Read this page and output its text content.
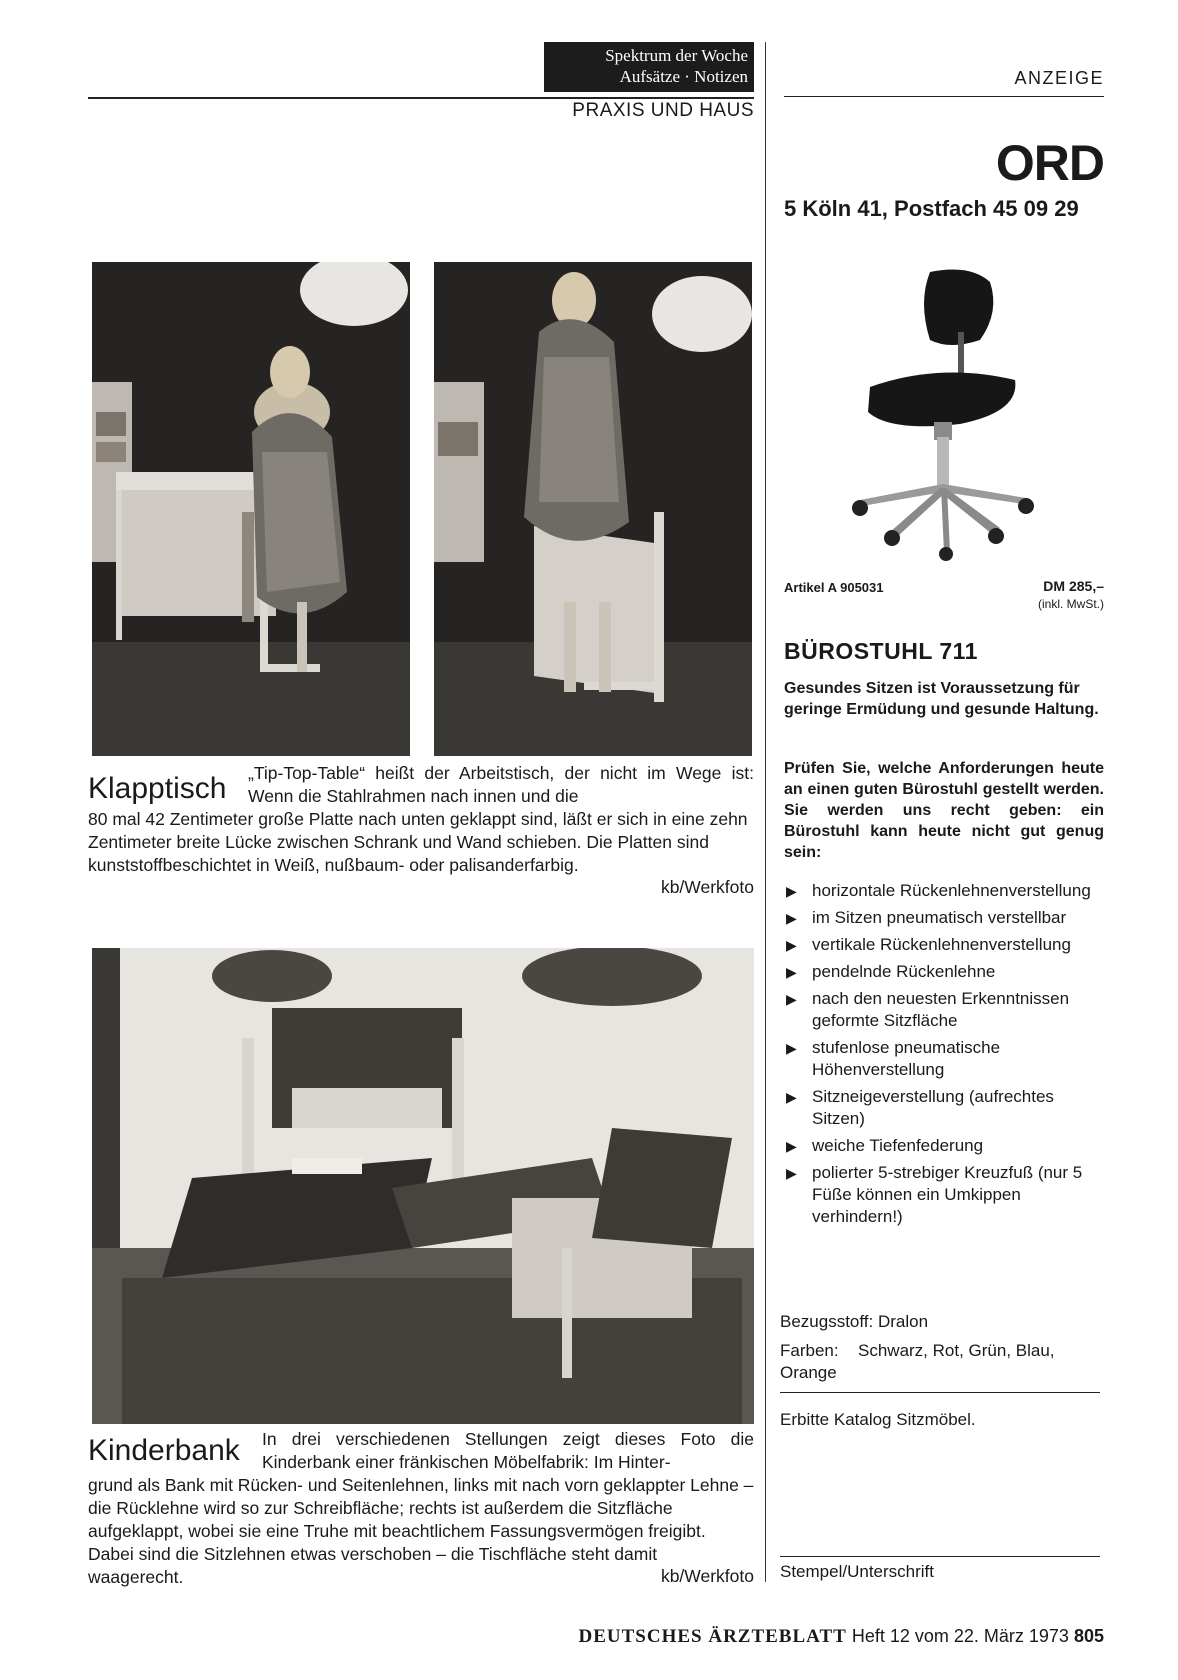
Spektrum der Woche
Aufsätze · Notizen
PRAXIS UND HAUS
ANZEIGE
ORD
5 Köln 41, Postfach 45 09 29
Klapptisch „Tip-Top-Table“ heißt der Arbeitstisch, der nicht im Wege ist: Wenn die Stahlrahmen nach innen und die
80 mal 42 Zentimeter große Platte nach unten geklappt sind, läßt er sich in eine zehn Zentimeter breite Lücke zwischen Schrank und Wand schieben. Die Platten sind kunststoffbeschichtet in Weiß, nußbaum- oder palisanderfarbig.
kb/Werkfoto
Kinderbank In drei verschiedenen Stellungen zeigt dieses Foto die Kinderbank einer fränkischen Möbelfabrik: Im Hinter-
grund als Bank mit Rücken- und Seitenlehnen, links mit nach vorn geklappter Lehne – die Rücklehne wird so zur Schreibfläche; rechts ist außerdem die Sitzfläche aufgeklappt, wobei sie eine Truhe mit beachtlichem Fassungsvermögen freigibt. Dabei sind die Sitzlehnen etwas verschoben – die Tischfläche steht damit waagerecht.	kb/Werkfoto
Artikel A 905031	DM 285,–
(inkl. MwSt.)
BÜROSTUHL 711
Gesundes Sitzen ist Voraussetzung für geringe Ermüdung und gesunde Haltung.
Prüfen Sie, welche Anforderungen heute an einen guten Bürostuhl gestellt werden. Sie werden uns recht geben: ein Bürostuhl kann heute nicht gut genug sein:
▶ horizontale Rückenlehnenverstellung
▶ im Sitzen pneumatisch verstellbar
▶ vertikale Rückenlehnenverstellung
▶ pendelnde Rückenlehne
▶ nach den neuesten Erkenntnissen geformte Sitzfläche
▶ stufenlose pneumatische Höhenverstellung
▶ Sitzneigeverstellung (aufrechtes Sitzen)
▶ weiche Tiefenfederung
▶ polierter 5-strebiger Kreuzfuß (nur 5 Füße können ein Umkippen verhindern!)
Bezugsstoff: Dralon
Farben: Schwarz, Rot, Grün, Blau, Orange
Erbitte Katalog Sitzmöbel.
Stempel/Unterschrift
DEUTSCHES ÄRZTEBLATT Heft 12 vom 22. März 1973 805
